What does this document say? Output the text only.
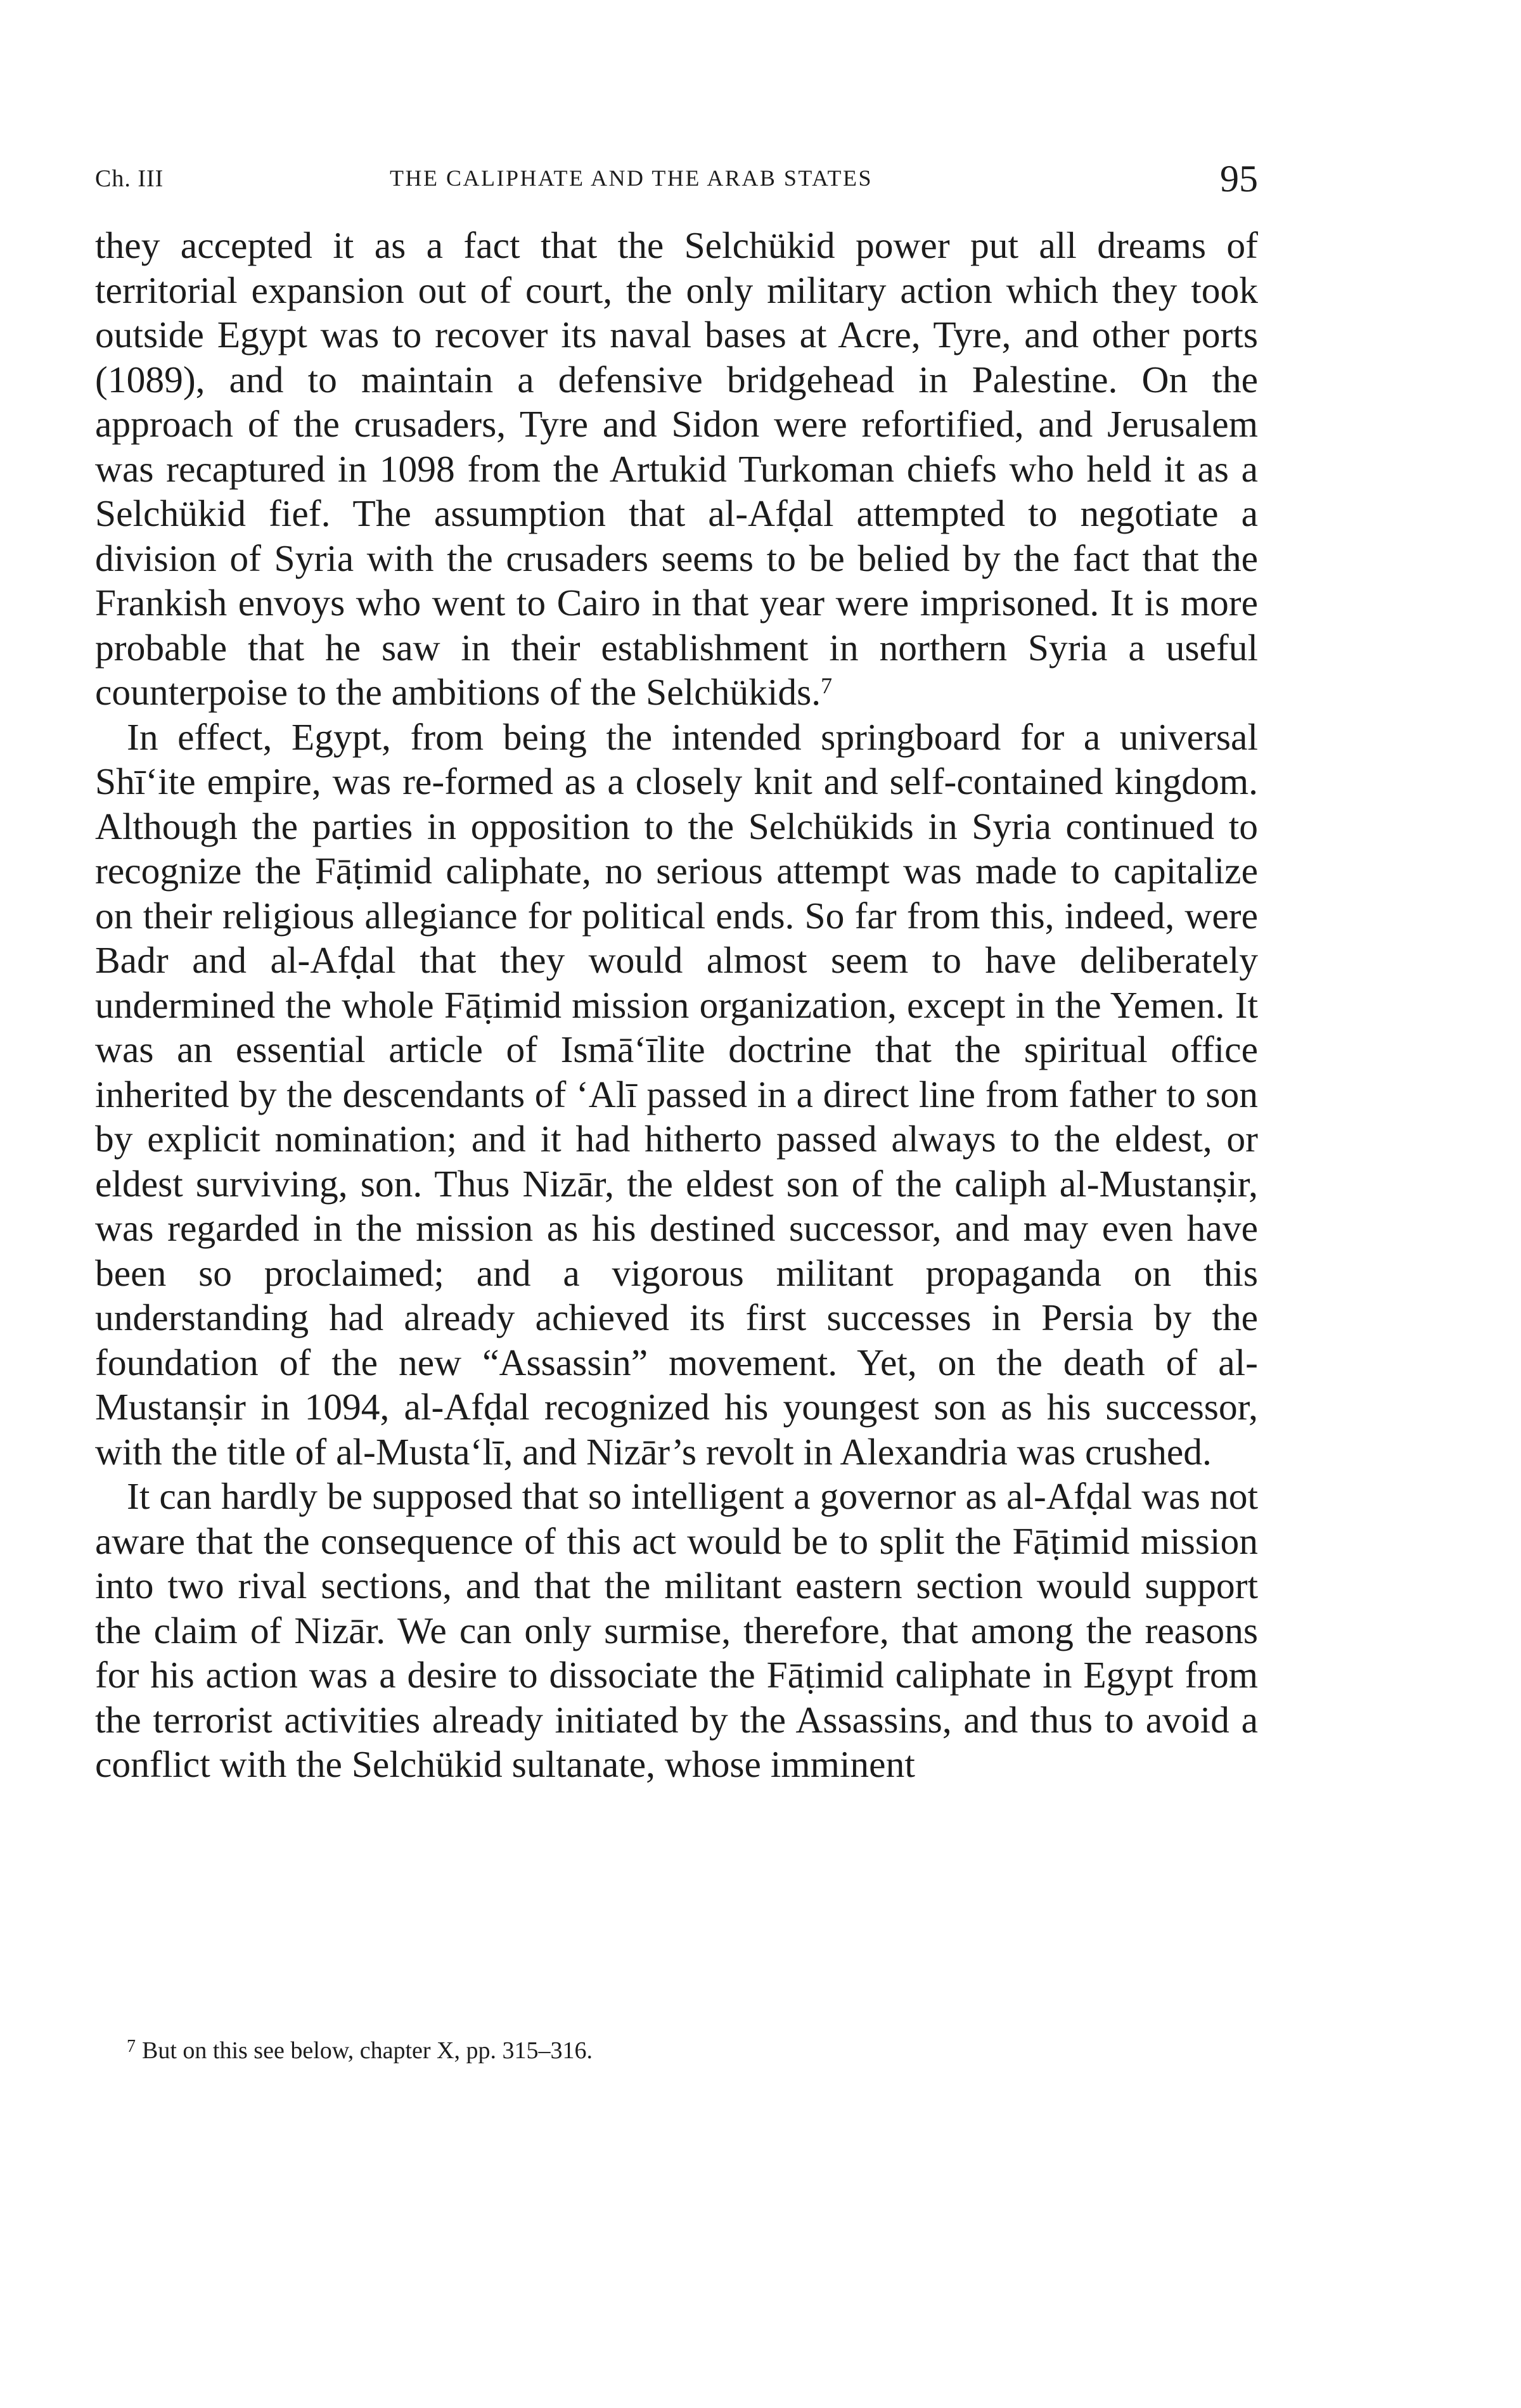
Ch. III	THE CALIPHATE AND THE ARAB STATES	95

they accepted it as a fact that the Selchükid power put all dreams of territorial expansion out of court, the only military action which they took outside Egypt was to recover its naval bases at Acre, Tyre, and other ports (1089), and to maintain a defensive bridgehead in Palestine. On the approach of the crusaders, Tyre and Sidon were refortified, and Jerusalem was recaptured in 1098 from the Artukid Turkoman chiefs who held it as a Selchükid fief. The assumption that al-Afḍal attempted to negotiate a division of Syria with the crusaders seems to be belied by the fact that the Frankish envoys who went to Cairo in that year were imprisoned. It is more probable that he saw in their establishment in northern Syria a useful counterpoise to the ambitions of the Selchükids.$^7$

In effect, Egypt, from being the intended springboard for a universal Shī‘ite empire, was re-formed as a closely knit and self-contained kingdom. Although the parties in opposition to the Selchükids in Syria continued to recognize the Fāṭimid caliphate, no serious attempt was made to capitalize on their religious allegiance for political ends. So far from this, indeed, were Badr and al-Afḍal that they would almost seem to have deliberately undermined the whole Fāṭimid mission organization, except in the Yemen. It was an essential article of Ismā‘īlite doctrine that the spiritual office inherited by the descendants of ‘Alī passed in a direct line from father to son by explicit nomination; and it had hitherto passed always to the eldest, or eldest surviving, son. Thus Nizār, the eldest son of the caliph al-Mustanṣir, was regarded in the mission as his destined successor, and may even have been so proclaimed; and a vigorous militant propaganda on this understanding had already achieved its first successes in Persia by the foundation of the new “Assassin” movement. Yet, on the death of al-Mustanṣir in 1094, al-Afḍal recognized his youngest son as his successor, with the title of al-Musta‘lī, and Nizār’s revolt in Alexandria was crushed.

It can hardly be supposed that so intelligent a governor as al-Afḍal was not aware that the consequence of this act would be to split the Fāṭimid mission into two rival sections, and that the militant eastern section would support the claim of Nizār. We can only surmise, therefore, that among the reasons for his action was a desire to dissociate the Fāṭimid caliphate in Egypt from the terrorist activities already initiated by the Assassins, and thus to avoid a conflict with the Selchükid sultanate, whose imminent

$^7$ But on this see below, chapter X, pp. 315–316.
